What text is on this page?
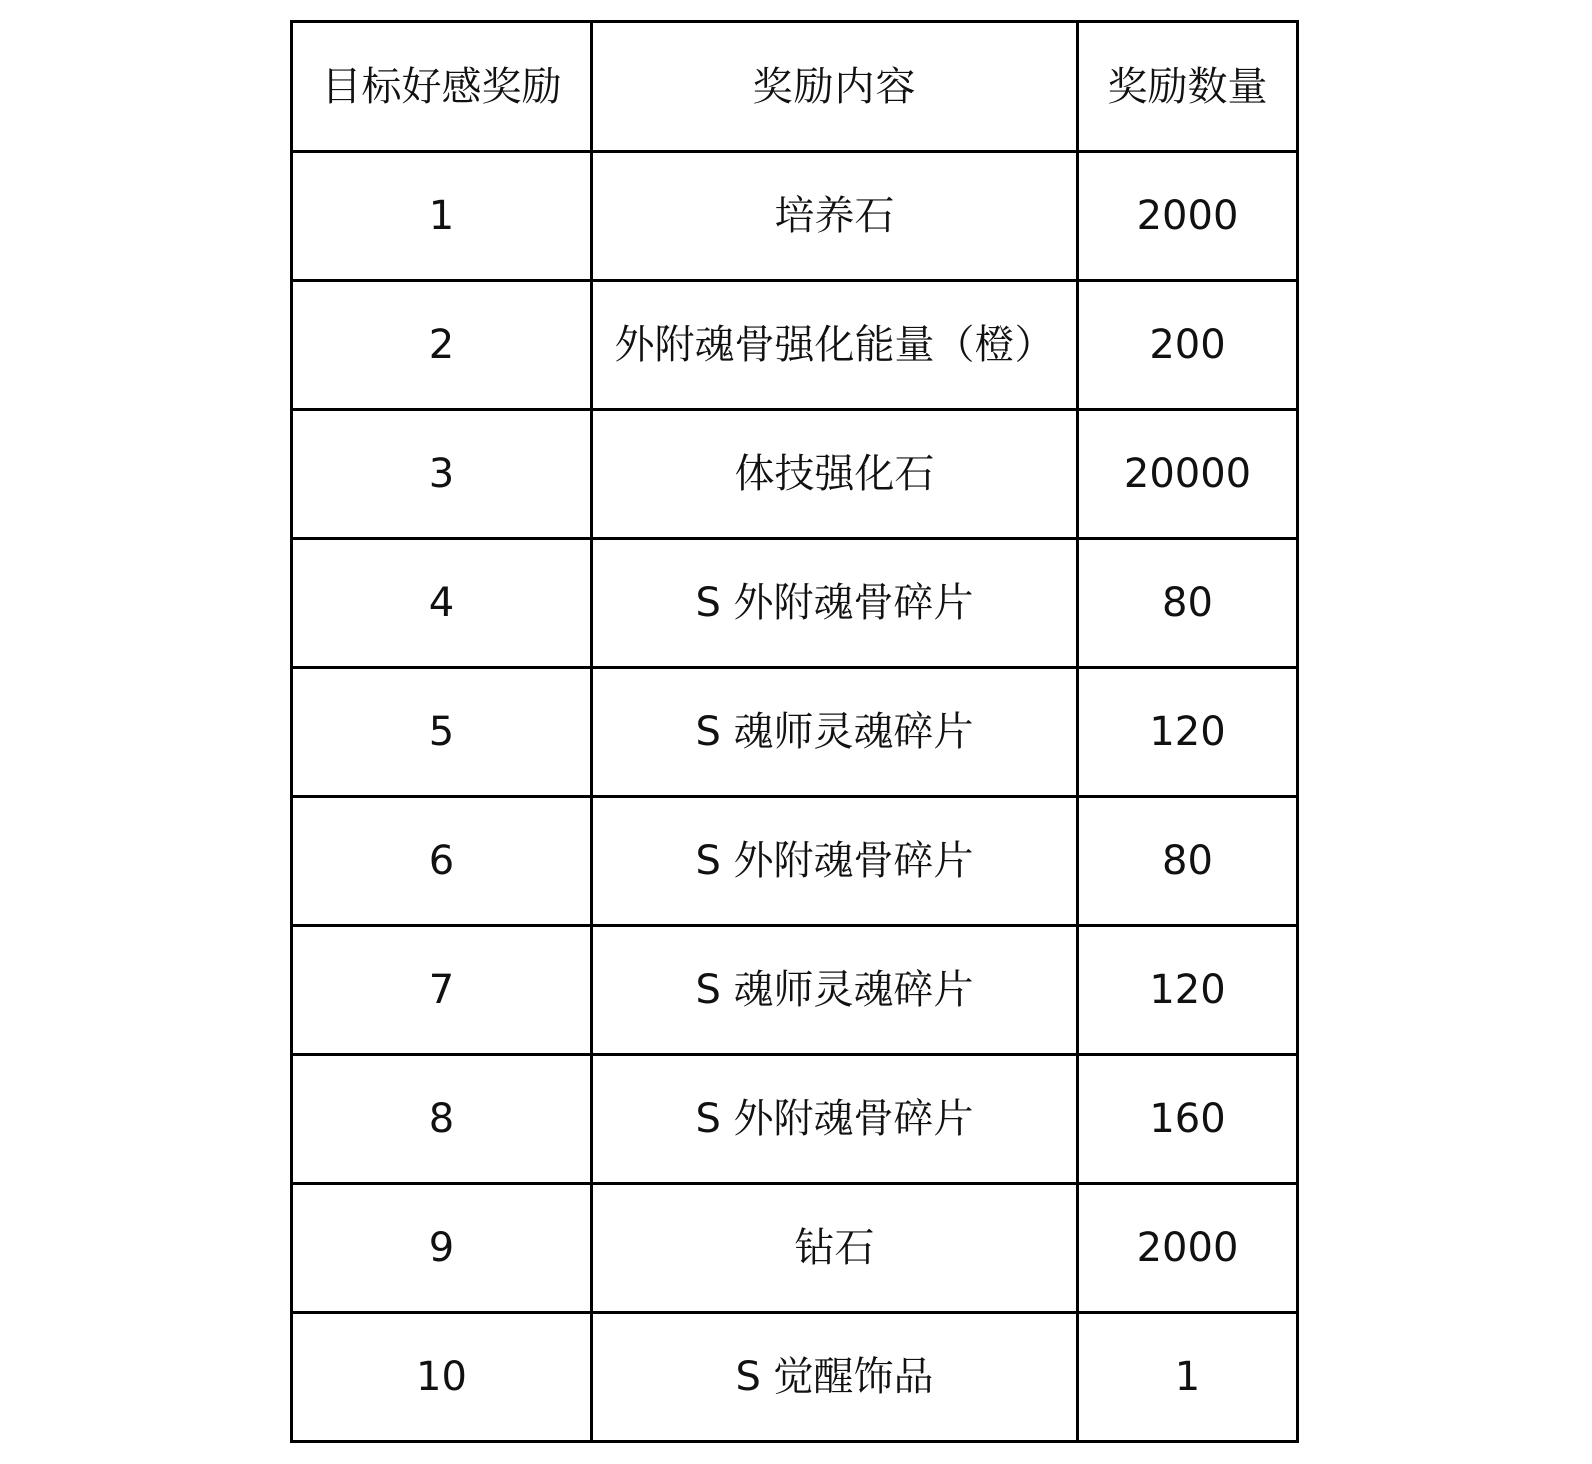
目标好感奖励	奖励内容	奖励数量
1	培养石	2000
2	外附魂骨强化能量（橙）	200
3	体技强化石	20000
4	S 外附魂骨碎片	80
5	S 魂师灵魂碎片	120
6	S 外附魂骨碎片	80
7	S 魂师灵魂碎片	120
8	S 外附魂骨碎片	160
9	钻石	2000
10	S 觉醒饰品	1
